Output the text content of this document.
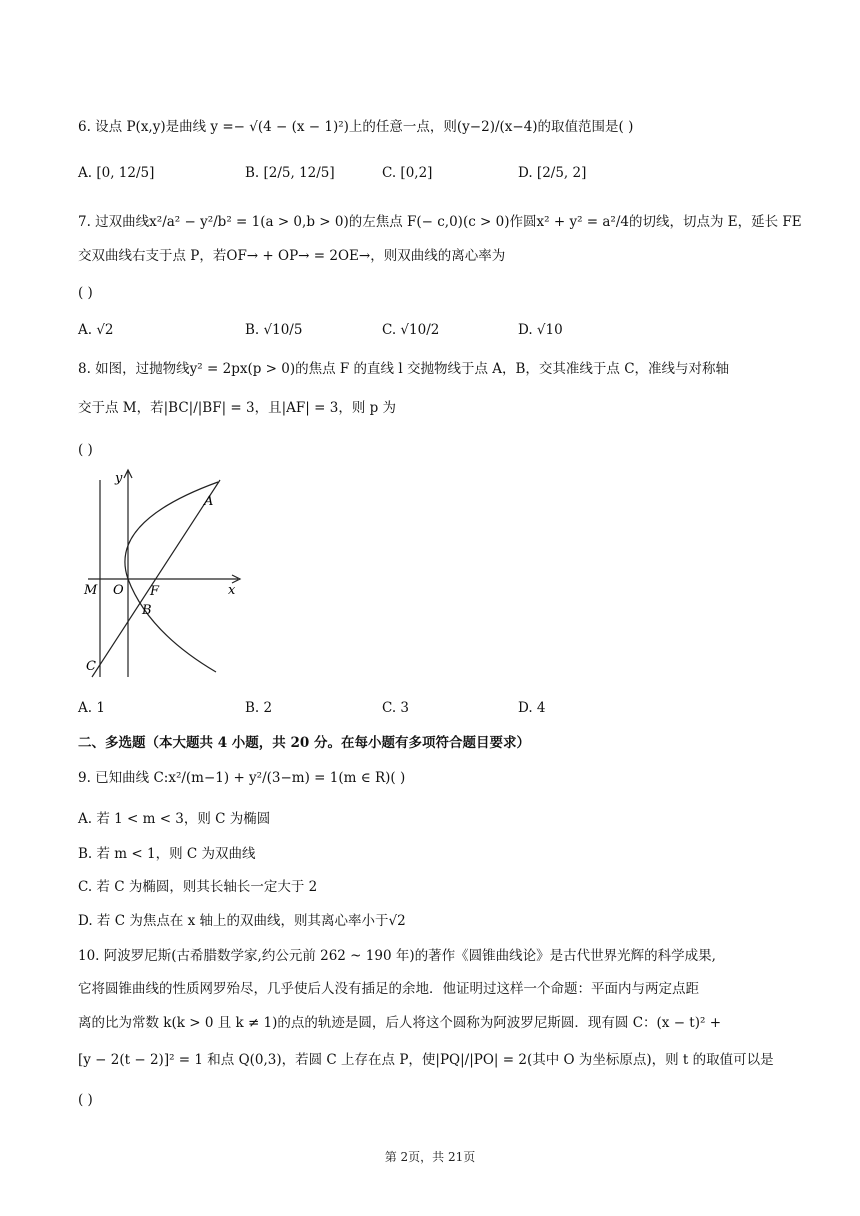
6. 设点 P(x,y)是曲线 y =− √(4 − (x − 1)²)上的任意一点，则(y−2)/(x−4)的取值范围是( )
A. [0, 12/5]	B. [2/5, 12/5]	C. [0,2]	D. [2/5, 2]
7. 过双曲线x²/a² − y²/b² = 1(a > 0,b > 0)的左焦点 F(− c,0)(c > 0)作圆x² + y² = a²/4的切线，切点为 E，延长 FE
交双曲线右支于点 P，若OF→ + OP→ = 2OE→，则双曲线的离心率为
( )
A. √2	B. √10/5	C. √10/2	D. √10
8. 如图，过抛物线y² = 2px(p > 0)的焦点 F 的直线 l 交抛物线于点 A，B，交其准线于点 C，准线与对称轴
交于点 M，若|BC|/|BF| = 3，且|AF| = 3，则 p 为
( )
y
A
M O F	x
B
C
A. 1	B. 2	C. 3	D. 4
二、多选题（本大题共 4 小题，共 20 分。在每小题有多项符合题目要求）
9. 已知曲线 C:x²/(m−1) + y²/(3−m) = 1(m ∈ R)( )
A. 若 1 < m < 3，则 C 为椭圆
B. 若 m < 1，则 C 为双曲线
C. 若 C 为椭圆，则其长轴长一定大于 2
D. 若 C 为焦点在 x 轴上的双曲线，则其离心率小于√2
10. 阿波罗尼斯(古希腊数学家,约公元前 262 ~ 190 年)的著作《圆锥曲线论》是古代世界光辉的科学成果,
它将圆锥曲线的性质网罗殆尽，几乎使后人没有插足的余地．他证明过这样一个命题：平面内与两定点距
离的比为常数 k(k > 0 且 k ≠ 1)的点的轨迹是圆，后人将这个圆称为阿波罗尼斯圆．现有圆 C：(x − t)² +
[y − 2(t − 2)]² = 1 和点 Q(0,3)，若圆 C 上存在点 P，使|PQ|/|PO| = 2(其中 O 为坐标原点)，则 t 的取值可以是
( )
第 2页，共 21页
